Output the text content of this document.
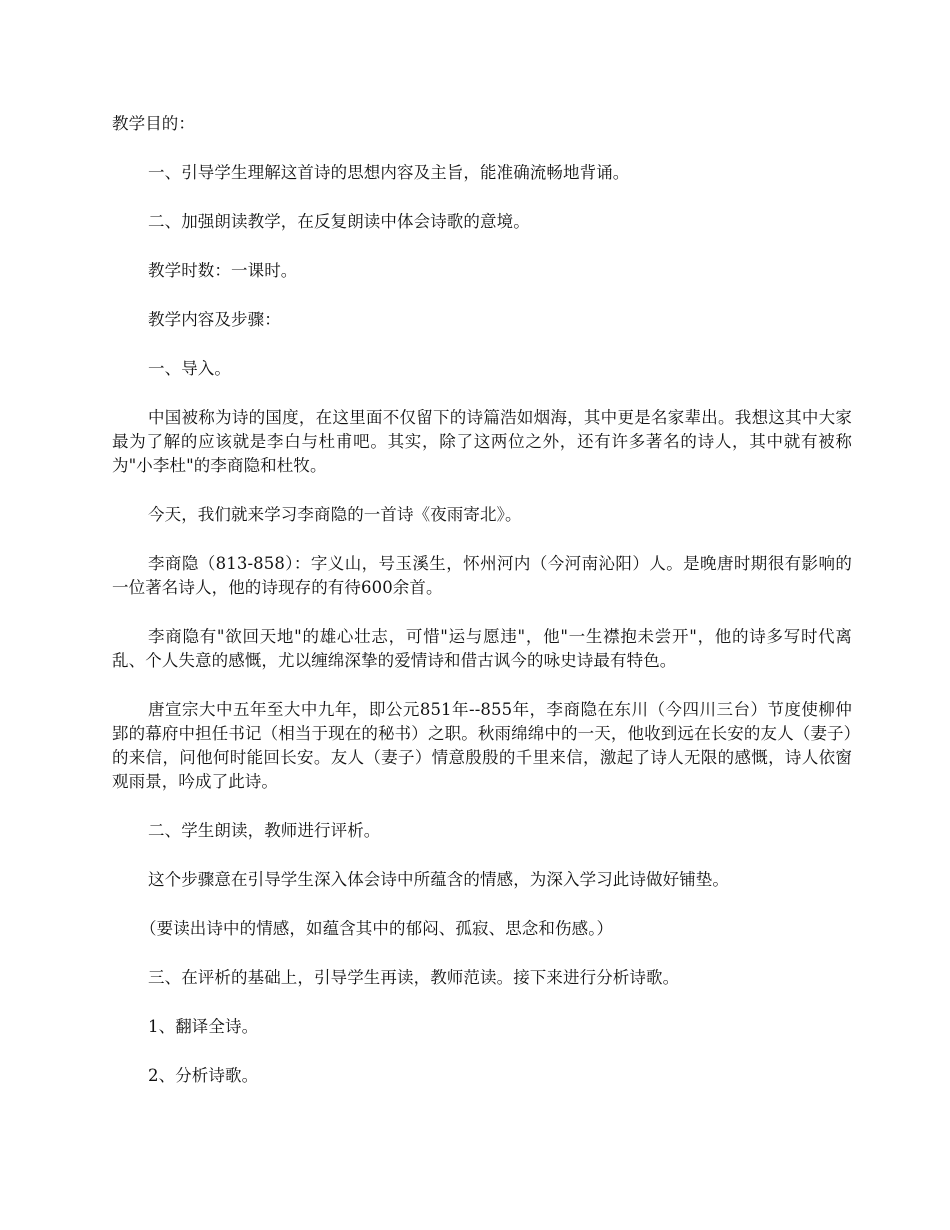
教学目的：

一、引导学生理解这首诗的思想内容及主旨，能准确流畅地背诵。

二、加强朗读教学，在反复朗读中体会诗歌的意境。

教学时数：一课时。

教学内容及步骤：

一、导入。

中国被称为诗的国度，在这里面不仅留下的诗篇浩如烟海，其中更是名家辈出。我想这其中大家最为了解的应该就是李白与杜甫吧。其实，除了这两位之外，还有许多著名的诗人，其中就有被称为"小李杜"的李商隐和杜牧。

今天，我们就来学习李商隐的一首诗《夜雨寄北》。

李商隐（813-858）：字义山，号玉溪生，怀州河内（今河南沁阳）人。是晚唐时期很有影响的一位著名诗人，他的诗现存的有待600余首。

李商隐有"欲回天地"的雄心壮志，可惜"运与愿违"，他"一生襟抱未尝开"，他的诗多写时代离乱、个人失意的感慨，尤以缠绵深挚的爱情诗和借古讽今的咏史诗最有特色。

唐宣宗大中五年至大中九年，即公元851年--855年，李商隐在东川（今四川三台）节度使柳仲郢的幕府中担任书记（相当于现在的秘书）之职。秋雨绵绵中的一天，他收到远在长安的友人（妻子）的来信，问他何时能回长安。友人（妻子）情意殷殷的千里来信，激起了诗人无限的感慨，诗人依窗观雨景，吟成了此诗。

二、学生朗读，教师进行评析。

这个步骤意在引导学生深入体会诗中所蕴含的情感，为深入学习此诗做好铺垫。

（要读出诗中的情感，如蕴含其中的郁闷、孤寂、思念和伤感。）

三、在评析的基础上，引导学生再读，教师范读。接下来进行分析诗歌。

1、翻译全诗。

2、分析诗歌。
